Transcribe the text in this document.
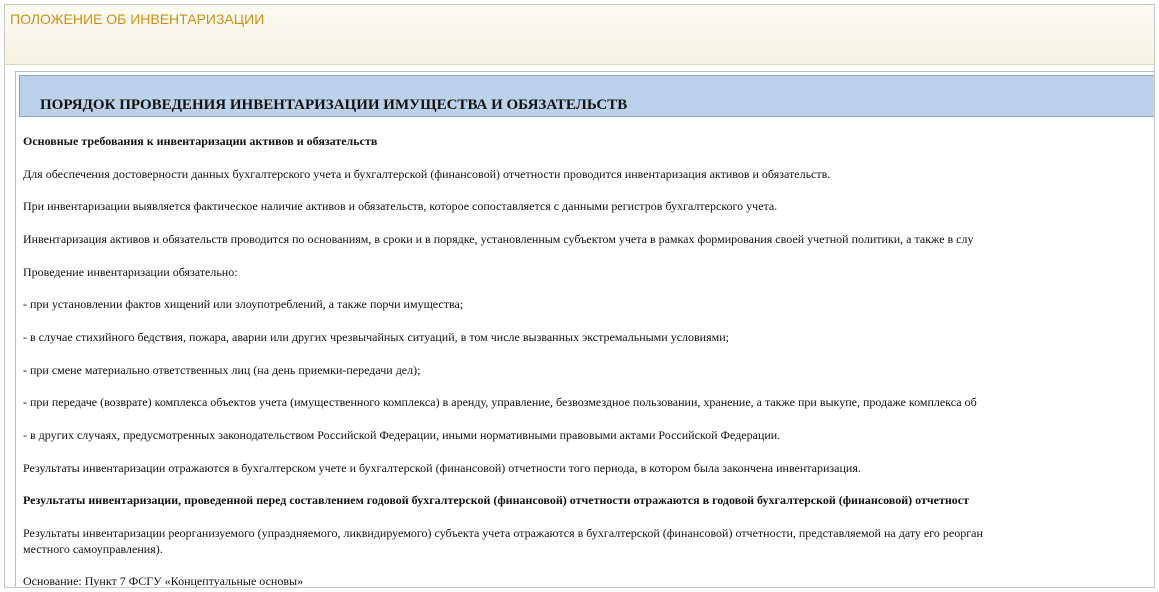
ПОЛОЖЕНИЕ ОБ ИНВЕНТАРИЗАЦИИ
ПОРЯДОК ПРОВЕДЕНИЯ ИНВЕНТАРИЗАЦИИ ИМУЩЕСТВА И ОБЯЗАТЕЛЬСТВ
Основные требования к инвентаризации активов и обязательств
Для обеспечения достоверности данных бухгалтерского учета и бухгалтерской (финансовой) отчетности проводится инвентаризация активов и обязательств.
При инвентаризации выявляется фактическое наличие активов и обязательств, которое сопоставляется с данными регистров бухгалтерского учета.
Инвентаризация активов и обязательств проводится по основаниям, в сроки и в порядке, установленным субъектом учета в рамках формирования своей учетной политики, а также в слу
Проведение инвентаризации обязательно:
- при установлении фактов хищений или злоупотреблений, а также порчи имущества;
- в случае стихийного бедствия, пожара, аварии или других чрезвычайных ситуаций, в том числе вызванных экстремальными условиями;
- при смене материально ответственных лиц (на день приемки-передачи дел);
- при передаче (возврате) комплекса объектов учета (имущественного комплекса) в аренду, управление, безвозмездное пользовании, хранение, а также при выкупе, продаже комплекса об
- в других случаях, предусмотренных законодательством Российской Федерации, иными нормативными правовыми актами Российской Федерации.
Результаты инвентаризации отражаются в бухгалтерском учете и бухгалтерской (финансовой) отчетности того периода, в котором была закончена инвентаризация.
Результаты инвентаризации, проведенной перед составлением годовой бухгалтерской (финансовой) отчетности отражаются в годовой бухгалтерской (финансовой) отчетност
Результаты инвентаризации реорганизуемого (упраздняемого, ликвидируемого) субъекта учета отражаются в бухгалтерской (финансовой) отчетности, представляемой на дату его реорган
местного самоуправления).
Основание: Пункт 7 ФСГУ «Концептуальные основы»
